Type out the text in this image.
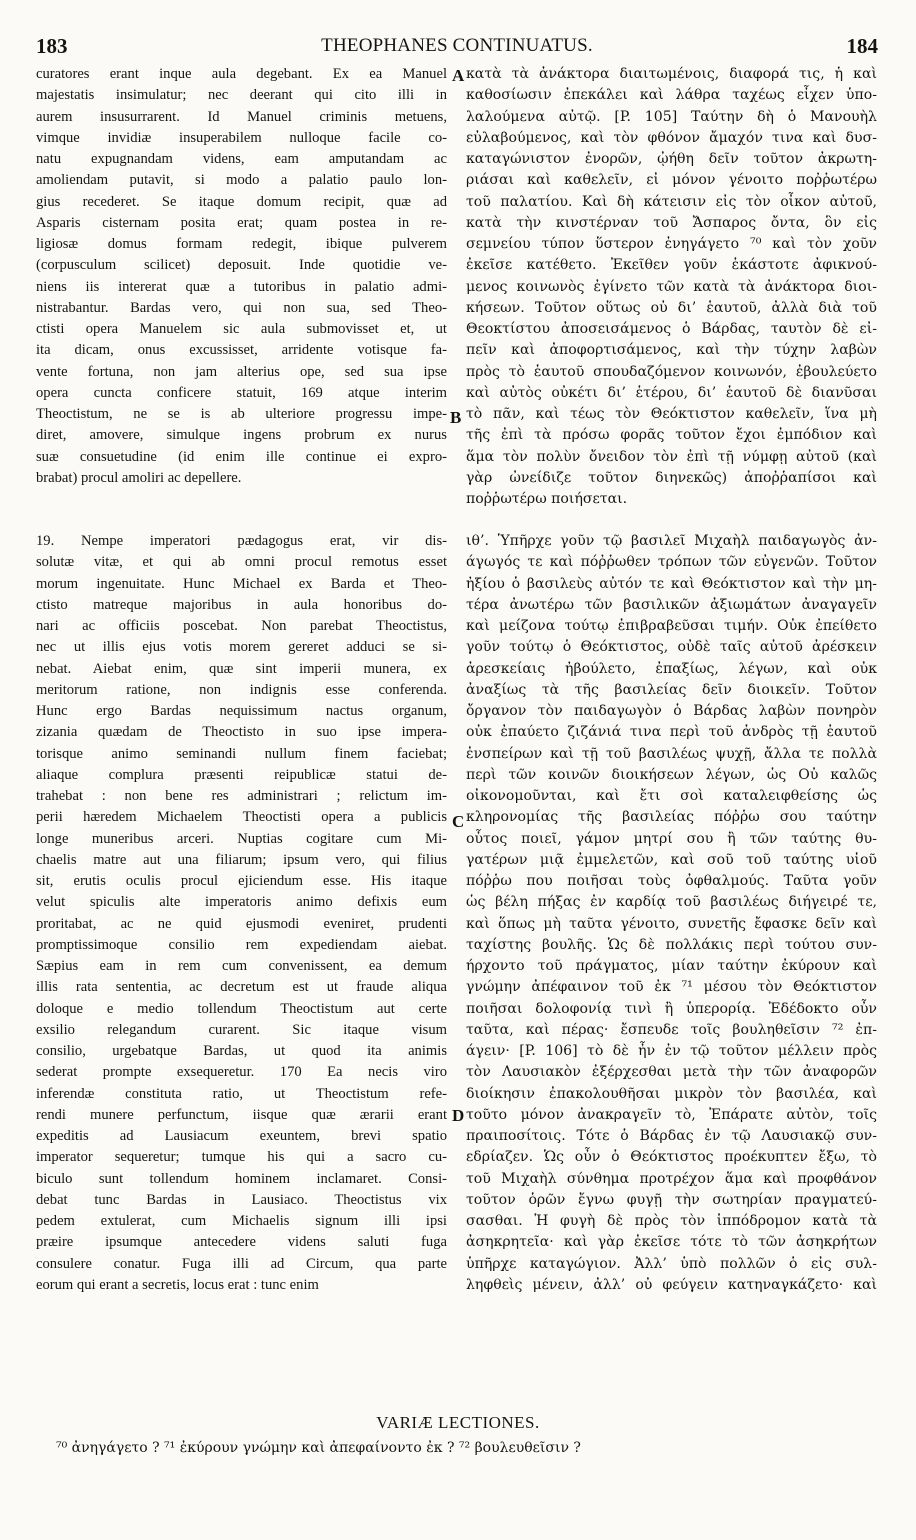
183	THEOPHANES CONTINUATUS.	184
curatores erant inque aula degebant. Ex ea Manuel
majestatis insimulatur; nec deerant qui cito illi in
aurem insusurrarent. Id Manuel criminis metuens,
vimque invidiæ insuperabilem nulloque facile co-
natu expugnandam videns, eam amputandam ac
amoliendam putavit, si modo a palatio paulo lon-
gius recederet. Se itaque domum recipit, quæ ad
Asparis cisternam posita erat; quam postea in re-
ligiosæ domus formam redegit, ibique pulverem
(corpusculum scilicet) deposuit. Inde quotidie ve-
niens iis intererat quæ a tutoribus in palatio admi-
nistrabantur. Bardas vero, qui non sua, sed Theo-
ctisti opera Manuelem sic aula submovisset et, ut
ita dicam, onus excussisset, arridente votisque fa-
vente fortuna, non jam alterius ope, sed sua ipse
opera cuncta conficere statuit, 169 atque interim
Theoctistum, ne se is ab ulteriore progressu impe-
diret, amovere, simulque ingens probrum ex nurus
suæ consuetudine (id enim ille continue ei expro-
brabat) procul amoliri ac depellere.
19. Nempe imperatori pædagogus erat, vir dis-
solutæ vitæ, et qui ab omni procul remotus esset
morum ingenuitate. Hunc Michael ex Barda et Theo-
ctisto matreque majoribus in aula honoribus do-
nari ac officiis poscebat. Non parebat Theoctistus,
nec ut illis ejus votis morem gereret adduci se si-
nebat. Aiebat enim, quæ sint imperii munera, ex
meritorum ratione, non indignis esse conferenda.
Hunc ergo Bardas nequissimum nactus organum,
zizania quædam de Theoctisto in suo ipse impera-
torisque animo seminandi nullum finem faciebat;
aliaque complura præsenti reipublicæ statui de-
trahebat : non bene res administrari ; relictum im-
perii hæredem Michaelem Theoctisti opera a publicis
longe muneribus arceri. Nuptias cogitare cum Mi-
chaelis matre aut una filiarum; ipsum vero, qui filius
sit, erutis oculis procul ejiciendum esse. His itaque
velut spiculis alte imperatoris animo defixis eum
proritabat, ac ne quid ejusmodi eveniret, prudenti
promptissimoque consilio rem expediendam aiebat.
Sæpius eam in rem cum convenissent, ea demum
illis rata sententia, ac decretum est ut fraude aliqua
doloque e medio tollendum Theoctistum aut certe
exsilio relegandum curarent. Sic itaque visum
consilio, urgebatque Bardas, ut quod ita animis
sederat prompte exsequeretur. 170 Ea necis viro
inferendæ constituta ratio, ut Theoctistum refe-
rendi munere perfunctum, iisque quæ ærarii erant
expeditis ad Lausiacum exeuntem, brevi spatio
imperator sequeretur; tumque his qui a sacro cu-
biculo sunt tollendum hominem inclamaret. Consi-
debat tunc Bardas in Lausiaco. Theoctistus vix
pedem extulerat, cum Michaelis signum illi ipsi
præire ipsumque antecedere videns saluti fuga
consulere conatur. Fuga illi ad Circum, qua parte
eorum qui erant a secretis, locus erat : tunc enim
κατὰ τὰ ἀνάκτορα διαιτωμένοις, διαφορά τις, ἡ καὶ
καθοσίωσιν ἐπεκάλει καὶ λάθρα ταχέως εἶχεν ὑπο-
λαλούμενα αὐτῷ. [P. 105] Ταύτην δὴ ὁ Μανουὴλ
εὐλαβούμενος, καὶ τὸν φθόνον ἄμαχόν τινα καὶ δυσ-
καταγώνιστον ἐνορῶν, ᾠήθη δεῖν τοῦτον ἀκρωτη-
ριάσαι καὶ καθελεῖν, εἰ μόνον γένοιτο ποῤῥωτέρω
τοῦ παλατίου. Καὶ δὴ κάτεισιν εἰς τὸν οἶκον αὐτοῦ,
κατὰ τὴν κινστέρναν τοῦ Ἄσπαρος ὄντα, ὃν εἰς
σεμνείου τύπον ὕστερον ἐνηγάγετο ⁷⁰ καὶ τὸν χοῦν
ἐκεῖσε κατέθετο. Ἐκεῖθεν γοῦν ἑκάστοτε ἀφικνού-
μενος κοινωνὸς ἐγίνετο τῶν κατὰ τὰ ἀνάκτορα διοι-
κήσεων. Τοῦτον οὕτως οὐ δι’ ἑαυτοῦ, ἀλλὰ διὰ τοῦ
Θεοκτίστου ἀποσεισάμενος ὁ Βάρδας, ταυτὸν δὲ εἰ-
πεῖν καὶ ἀποφορτισάμενος, καὶ τὴν τύχην λαβὼν
πρὸς τὸ ἑαυτοῦ σπουδαζόμενον κοινωνόν, ἐβουλεύετο
καὶ αὐτὸς οὐκέτι δι’ ἑτέρου, δι’ ἑαυτοῦ δὲ διανῦσαι
τὸ πᾶν, καὶ τέως τὸν Θεόκτιστον καθελεῖν, ἵνα μὴ
τῆς ἐπὶ τὰ πρόσω φορᾶς τοῦτον ἔχοι ἐμπόδιον καὶ
ἅμα τὸν πολὺν ὄνειδον τὸν ἐπὶ τῇ νύμφῃ αὐτοῦ (καὶ
γὰρ ὠνείδιζε τοῦτον διηνεκῶς) ἀποῤῥαπίσοι καὶ
ποῤῥωτέρω ποιήσεται.
ιθ’. Ὑπῆρχε γοῦν τῷ βασιλεῖ Μιχαὴλ παιδαγωγὸς ἀν-
άγωγός τε καὶ πόῤῥωθεν τρόπων τῶν εὐγενῶν. Τοῦτον
ἠξίου ὁ βασιλεὺς αὐτόν τε καὶ Θεόκτιστον καὶ τὴν μη-
τέρα ἀνωτέρω τῶν βασιλικῶν ἀξιωμάτων ἀναγαγεῖν
καὶ μείζονα τούτῳ ἐπιβραβεῦσαι τιμήν. Οὐκ ἐπείθετο
γοῦν τούτῳ ὁ Θεόκτιστος, οὐδὲ ταῖς αὐτοῦ ἀρέσκειν
ἀρεσκείαις ἠβούλετο, ἐπαξίως, λέγων, καὶ οὐκ
ἀναξίως τὰ τῆς βασιλείας δεῖν διοικεῖν. Τοῦτον
ὄργανον τὸν παιδαγωγὸν ὁ Βάρδας λαβὼν πονηρὸν
οὐκ ἐπαύετο ζιζάνιά τινα περὶ τοῦ ἀνδρὸς τῇ ἑαυτοῦ
ἐνσπείρων καὶ τῇ τοῦ βασιλέως ψυχῇ, ἄλλα τε πολλὰ
περὶ τῶν κοινῶν διοικήσεων λέγων, ὡς Οὐ καλῶς
οἰκονομοῦνται, καὶ ἔτι σοὶ καταλειφθείσης ὡς
κληρονομίας τῆς βασιλείας πόῤῥω σου ταύτην
οὗτος ποιεῖ, γάμον μητρί σου ἢ τῶν ταύτης θυ-
γατέρων μιᾷ ἐμμελετῶν, καὶ σοῦ τοῦ ταύτης υἱοῦ
πόῤῥω που ποιῆσαι τοὺς ὀφθαλμούς. Ταῦτα γοῦν
ὡς βέλη πήξας ἐν καρδίᾳ τοῦ βασιλέως διήγειρέ τε,
καὶ ὅπως μὴ ταῦτα γένοιτο, συνετῆς ἔφασκε δεῖν καὶ
ταχίστης βουλῆς. Ὡς δὲ πολλάκις περὶ τούτου συν-
ήρχοντο τοῦ πράγματος, μίαν ταύτην ἐκύρουν καὶ
γνώμην ἀπέφαινον τοῦ ἐκ ⁷¹ μέσου τὸν Θεόκτιστον
ποιῆσαι δολοφονίᾳ τινὶ ἢ ὑπερορίᾳ. Ἐδέδοκτο οὖν
ταῦτα, καὶ πέρας· ἔσπευδε τοῖς βουληθεῖσιν ⁷² ἐπ-
άγειν· [P. 106] τὸ δὲ ἦν ἐν τῷ τοῦτον μέλλειν πρὸς
τὸν Λαυσιακὸν ἐξέρχεσθαι μετὰ τὴν τῶν ἀναφορῶν
διοίκησιν ἐπακολουθῆσαι μικρὸν τὸν βασιλέα, καὶ
τοῦτο μόνον ἀνακραγεῖν τὸ, Ἐπάρατε αὐτὸν, τοῖς
πραιποσίτοις. Τότε ὁ Βάρδας ἐν τῷ Λαυσιακῷ συν-
εδρίαζεν. Ὡς οὖν ὁ Θεόκτιστος προέκυπτεν ἔξω, τὸ
τοῦ Μιχαὴλ σύνθημα προτρέχον ἅμα καὶ προφθάνον
τοῦτον ὁρῶν ἔγνω φυγῇ τὴν σωτηρίαν πραγματεύ-
σασθαι. Ἡ φυγὴ δὲ πρὸς τὸν ἱππόδρομον κατὰ τὰ
ἀσηκρητεῖα· καὶ γὰρ ἐκεῖσε τότε τὸ τῶν ἀσηκρήτων
ὑπῆρχε καταγώγιον. Ἀλλ’ ὑπὸ πολλῶν ὁ εἰς συλ-
ληφθεὶς μένειν, ἀλλ’ οὐ φεύγειν κατηναγκάζετο· καὶ
A
B
C
D
VARIÆ LECTIONES.
⁷⁰ ἀνηγάγετο ? ⁷¹ ἐκύρουν γνώμην καὶ ἀπεφαίνοντο ἐκ ? ⁷² βουλευθεῖσιν ?
